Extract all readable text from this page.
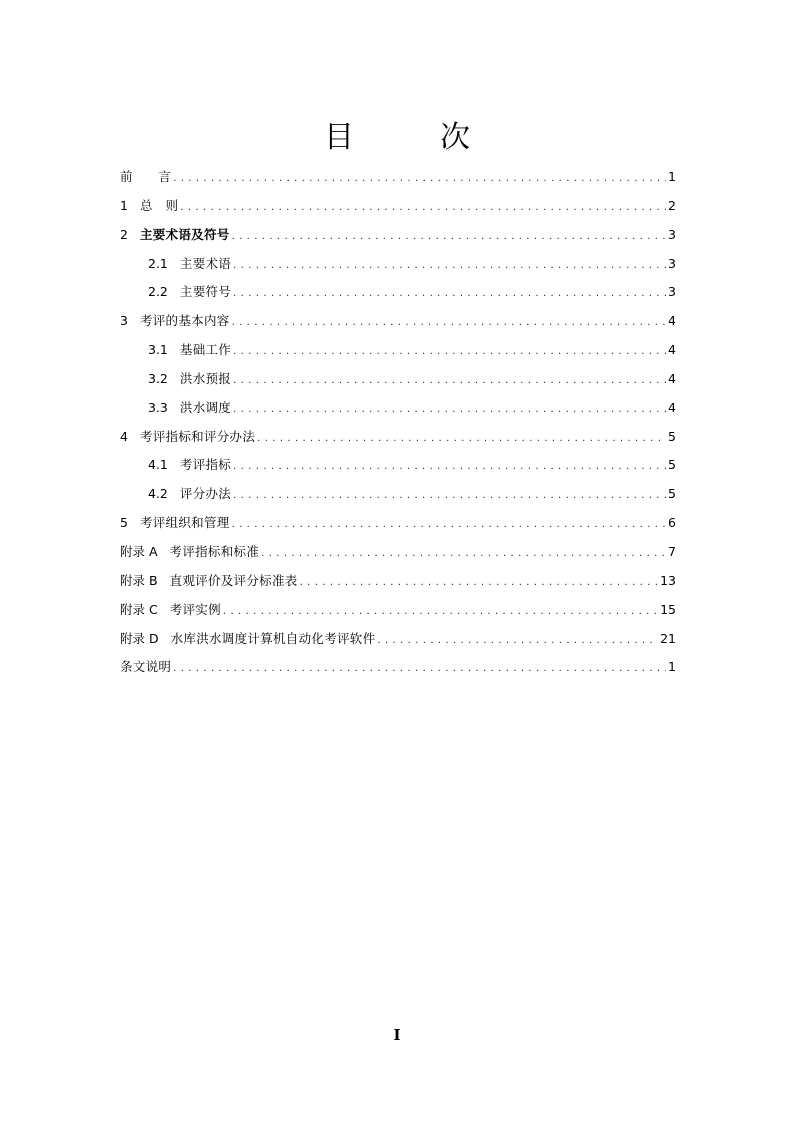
目　次
前　　言 . . .	1
1 总　则 . . .	2
2 主要术语及符号 . . .	3
2.1 主要术语 . . .	3
2.2 主要符号 . . .	3
3 考评的基本内容 . . .	4
3.1 基础工作 . . .	4
3.2 洪水预报 . . .	4
3.3 洪水调度 . . .	4
4 考评指标和评分办法 . . .	5
4.1 考评指标 . . .	5
4.2 评分办法 . . .	5
5 考评组织和管理 . . .	6
附录 A 考评指标和标准 . . .	7
附录 B 直观评价及评分标准表 . . .	13
附录 C 考评实例 . . .	15
附录 D 水库洪水调度计算机自动化考评软件 . . .	21
条文说明 . . .	1
I
